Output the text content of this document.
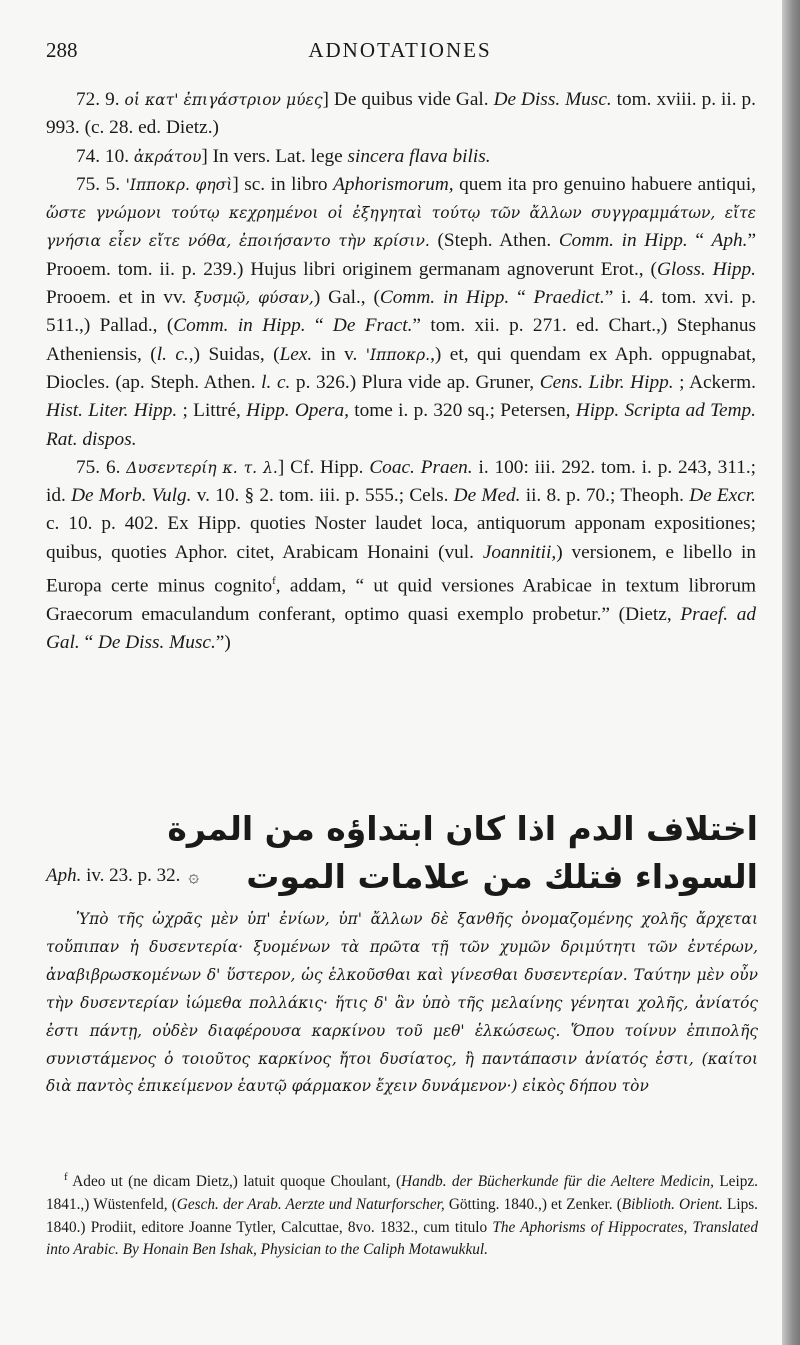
288	ADNOTATIONES

72. 9. οἱ κατ' ἐπιγάστριον μύες] De quibus vide Gal. De Diss. Musc. tom. xviii. p. ii. p. 993. (c. 28. ed. Dietz.)

74. 10. ἀκράτου] In vers. Lat. lege sincera flava bilis.

75. 5. 'Ιπποκρ. φησὶ] sc. in libro Aphorismorum, quem ita pro genuino habuere antiqui, ὥστε γνώμονι τούτῳ κεχρημένοι οἱ ἐξηγηταὶ τούτῳ τῶν ἄλλων συγγραμμάτων, εἴτε γνήσια εἶεν εἴτε νόθα, ἐποιήσαντο τὴν κρίσιν. (Steph. Athen. Comm. in Hipp. “ Aph.” Prooem. tom. ii. p. 239.) Hujus libri originem germanam agnoverunt Erot., (Gloss. Hipp. Prooem. et in vv. ξυσμῷ, φύσαν,) Gal., (Comm. in Hipp. “ Praedict.” i. 4. tom. xvi. p. 511.,) Pallad., (Comm. in Hipp. “ De Fract.” tom. xii. p. 271. ed. Chart.,) Stephanus Atheniensis, (l. c.,) Suidas, (Lex. in v. 'Ιπποκρ.,) et, qui quendam ex Aph. oppugnabat, Diocles. (ap. Steph. Athen. l. c. p. 326.) Plura vide ap. Gruner, Cens. Libr. Hipp. ; Ackerm. Hist. Liter. Hipp. ; Littré, Hipp. Opera, tome i. p. 320 sq.; Petersen, Hipp. Scripta ad Temp. Rat. dispos.

75. 6. Δυσεντερίη κ. τ. λ.] Cf. Hipp. Coac. Praen. i. 100: iii. 292. tom. i. p. 243, 311.; id. De Morb. Vulg. v. 10. § 2. tom. iii. p. 555.; Cels. De Med. ii. 8. p. 70.; Theoph. De Excr. c. 10. p. 402. Ex Hipp. quoties Noster laudet loca, antiquorum apponam expositiones; quibus, quoties Aphor. citet, Arabicam Honaini (vul. Joannitii,) versionem, e libello in Europa certe minus cognito$^f$, addam, “ ut quid versiones Arabicae in textum librorum Graecorum emaculandum conferant, optimo quasi exemplo probetur.” (Dietz, Praef. ad Gal. “ De Diss. Musc.”)

اختلاف الدم اذا كان ابتداؤه من المرة
Aph. iv. 23. p. 32. ۞	السوداء فتلك من علامات الموت

Ὑπὸ τῆς ὠχρᾶς μὲν ὑπ' ἐνίων, ὑπ' ἄλλων δὲ ξανθῆς ὀνομαζομένης χολῆς ἄρχεται τοὔπιπαν ἡ δυσεντερία· ξυομένων τὰ πρῶτα τῇ τῶν χυμῶν δριμύτητι τῶν ἐντέρων, ἀναβιβρωσκομένων δ' ὕστερον, ὡς ἑλκοῦσθαι καὶ γίνεσθαι δυσεντερίαν. Ταύτην μὲν οὖν τὴν δυσεντερίαν ἰώμεθα πολλάκις· ἥτις δ' ἂν ὑπὸ τῆς μελαίνης γένηται χολῆς, ἀνίατός ἐστι πάντῃ, οὐδὲν διαφέρουσα καρκίνου τοῦ μεθ' ἑλκώσεως. Ὅπου τοίνυν ἐπιπολῆς συνιστάμενος ὁ τοιοῦτος καρκίνος ἤτοι δυσίατος, ἢ παντάπασιν ἀνίατός ἐστι, (καίτοι διὰ παντὸς ἐπικείμενον ἑαυτῷ φάρμακον ἔχειν δυνάμενον·) εἰκὸς δήπου τὸν

$^f$ Adeo ut (ne dicam Dietz,) latuit quoque Choulant, (Handb. der Bücherkunde für die Aeltere Medicin, Leipz. 1841.,) Wüstenfeld, (Gesch. der Arab. Aerzte und Naturforscher, Götting. 1840.,) et Zenker. (Biblioth. Orient. Lips. 1840.) Prodiit, editore Joanne Tytler, Calcuttae, 8vo. 1832., cum titulo The Aphorisms of Hippocrates, Translated into Arabic. By Honain Ben Ishak, Physician to the Caliph Motawukkul.
